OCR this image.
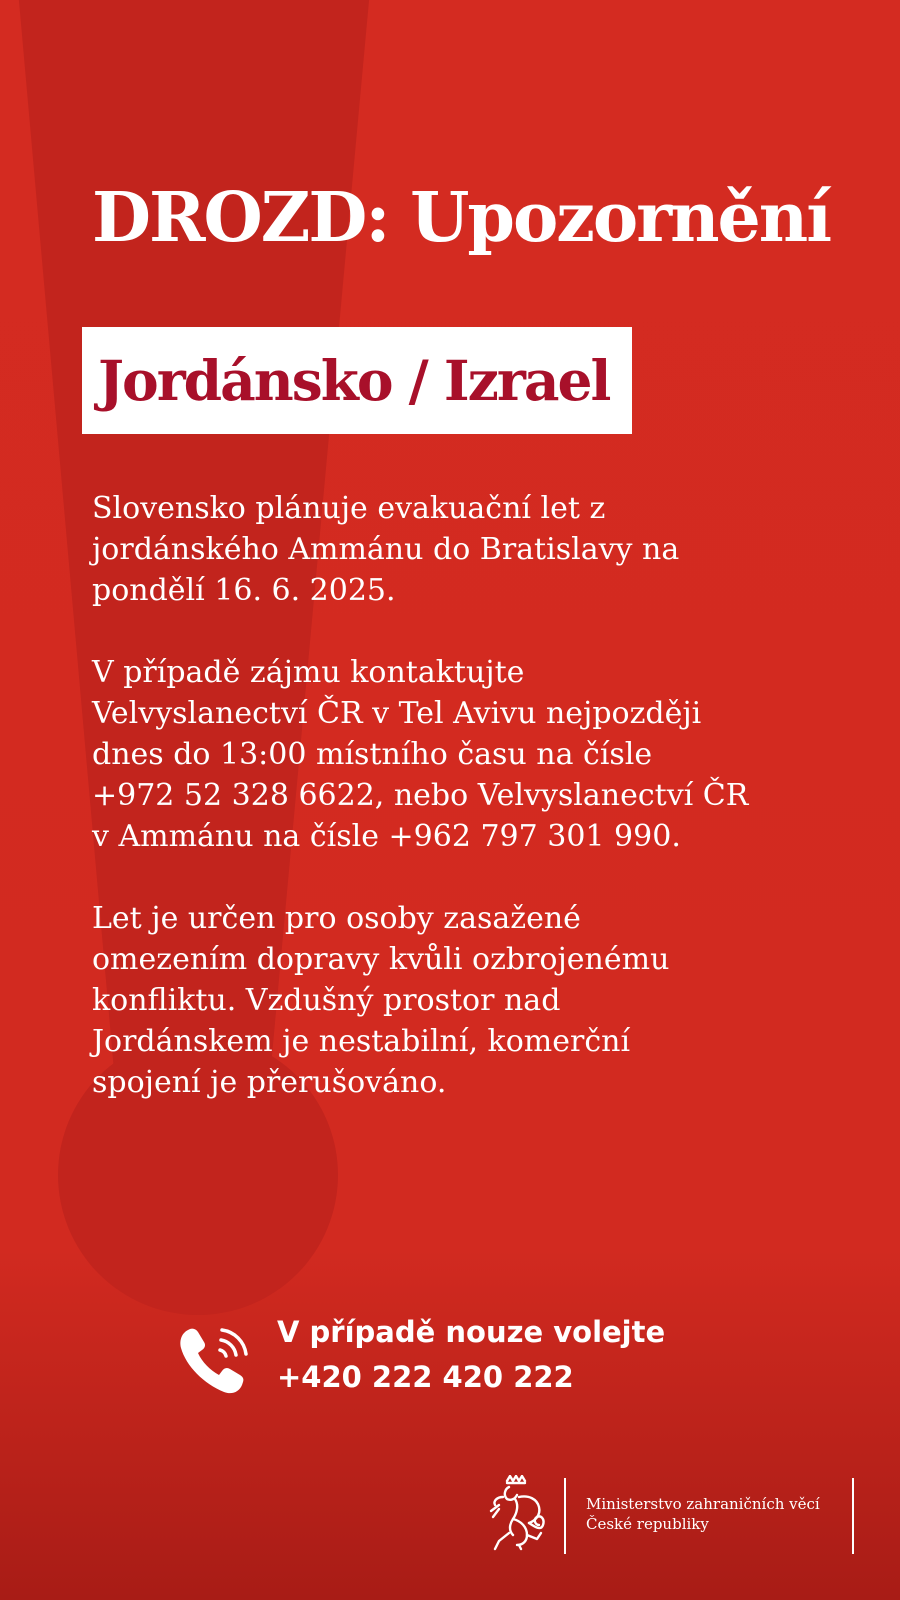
DROZD: Upozornění
Jordánsko / Izrael

Slovensko plánuje evakuační let z
jordánského Ammánu do Bratislavy na
pondělí 16. 6. 2025.

V případě zájmu kontaktujte
Velvyslanectví ČR v Tel Avivu nejpozději
dnes do 13:00 místního času na čísle
+972 52 328 6622, nebo Velvyslanectví ČR
v Ammánu na čísle +962 797 301 990.

Let je určen pro osoby zasažené
omezením dopravy kvůli ozbrojenému
konfliktu. Vzdušný prostor nad
Jordánskem je nestabilní, komerční
spojení je přerušováno.

V případě nouze volejte
+420 222 420 222
Ministerstvo zahraničních věcí
České republiky
